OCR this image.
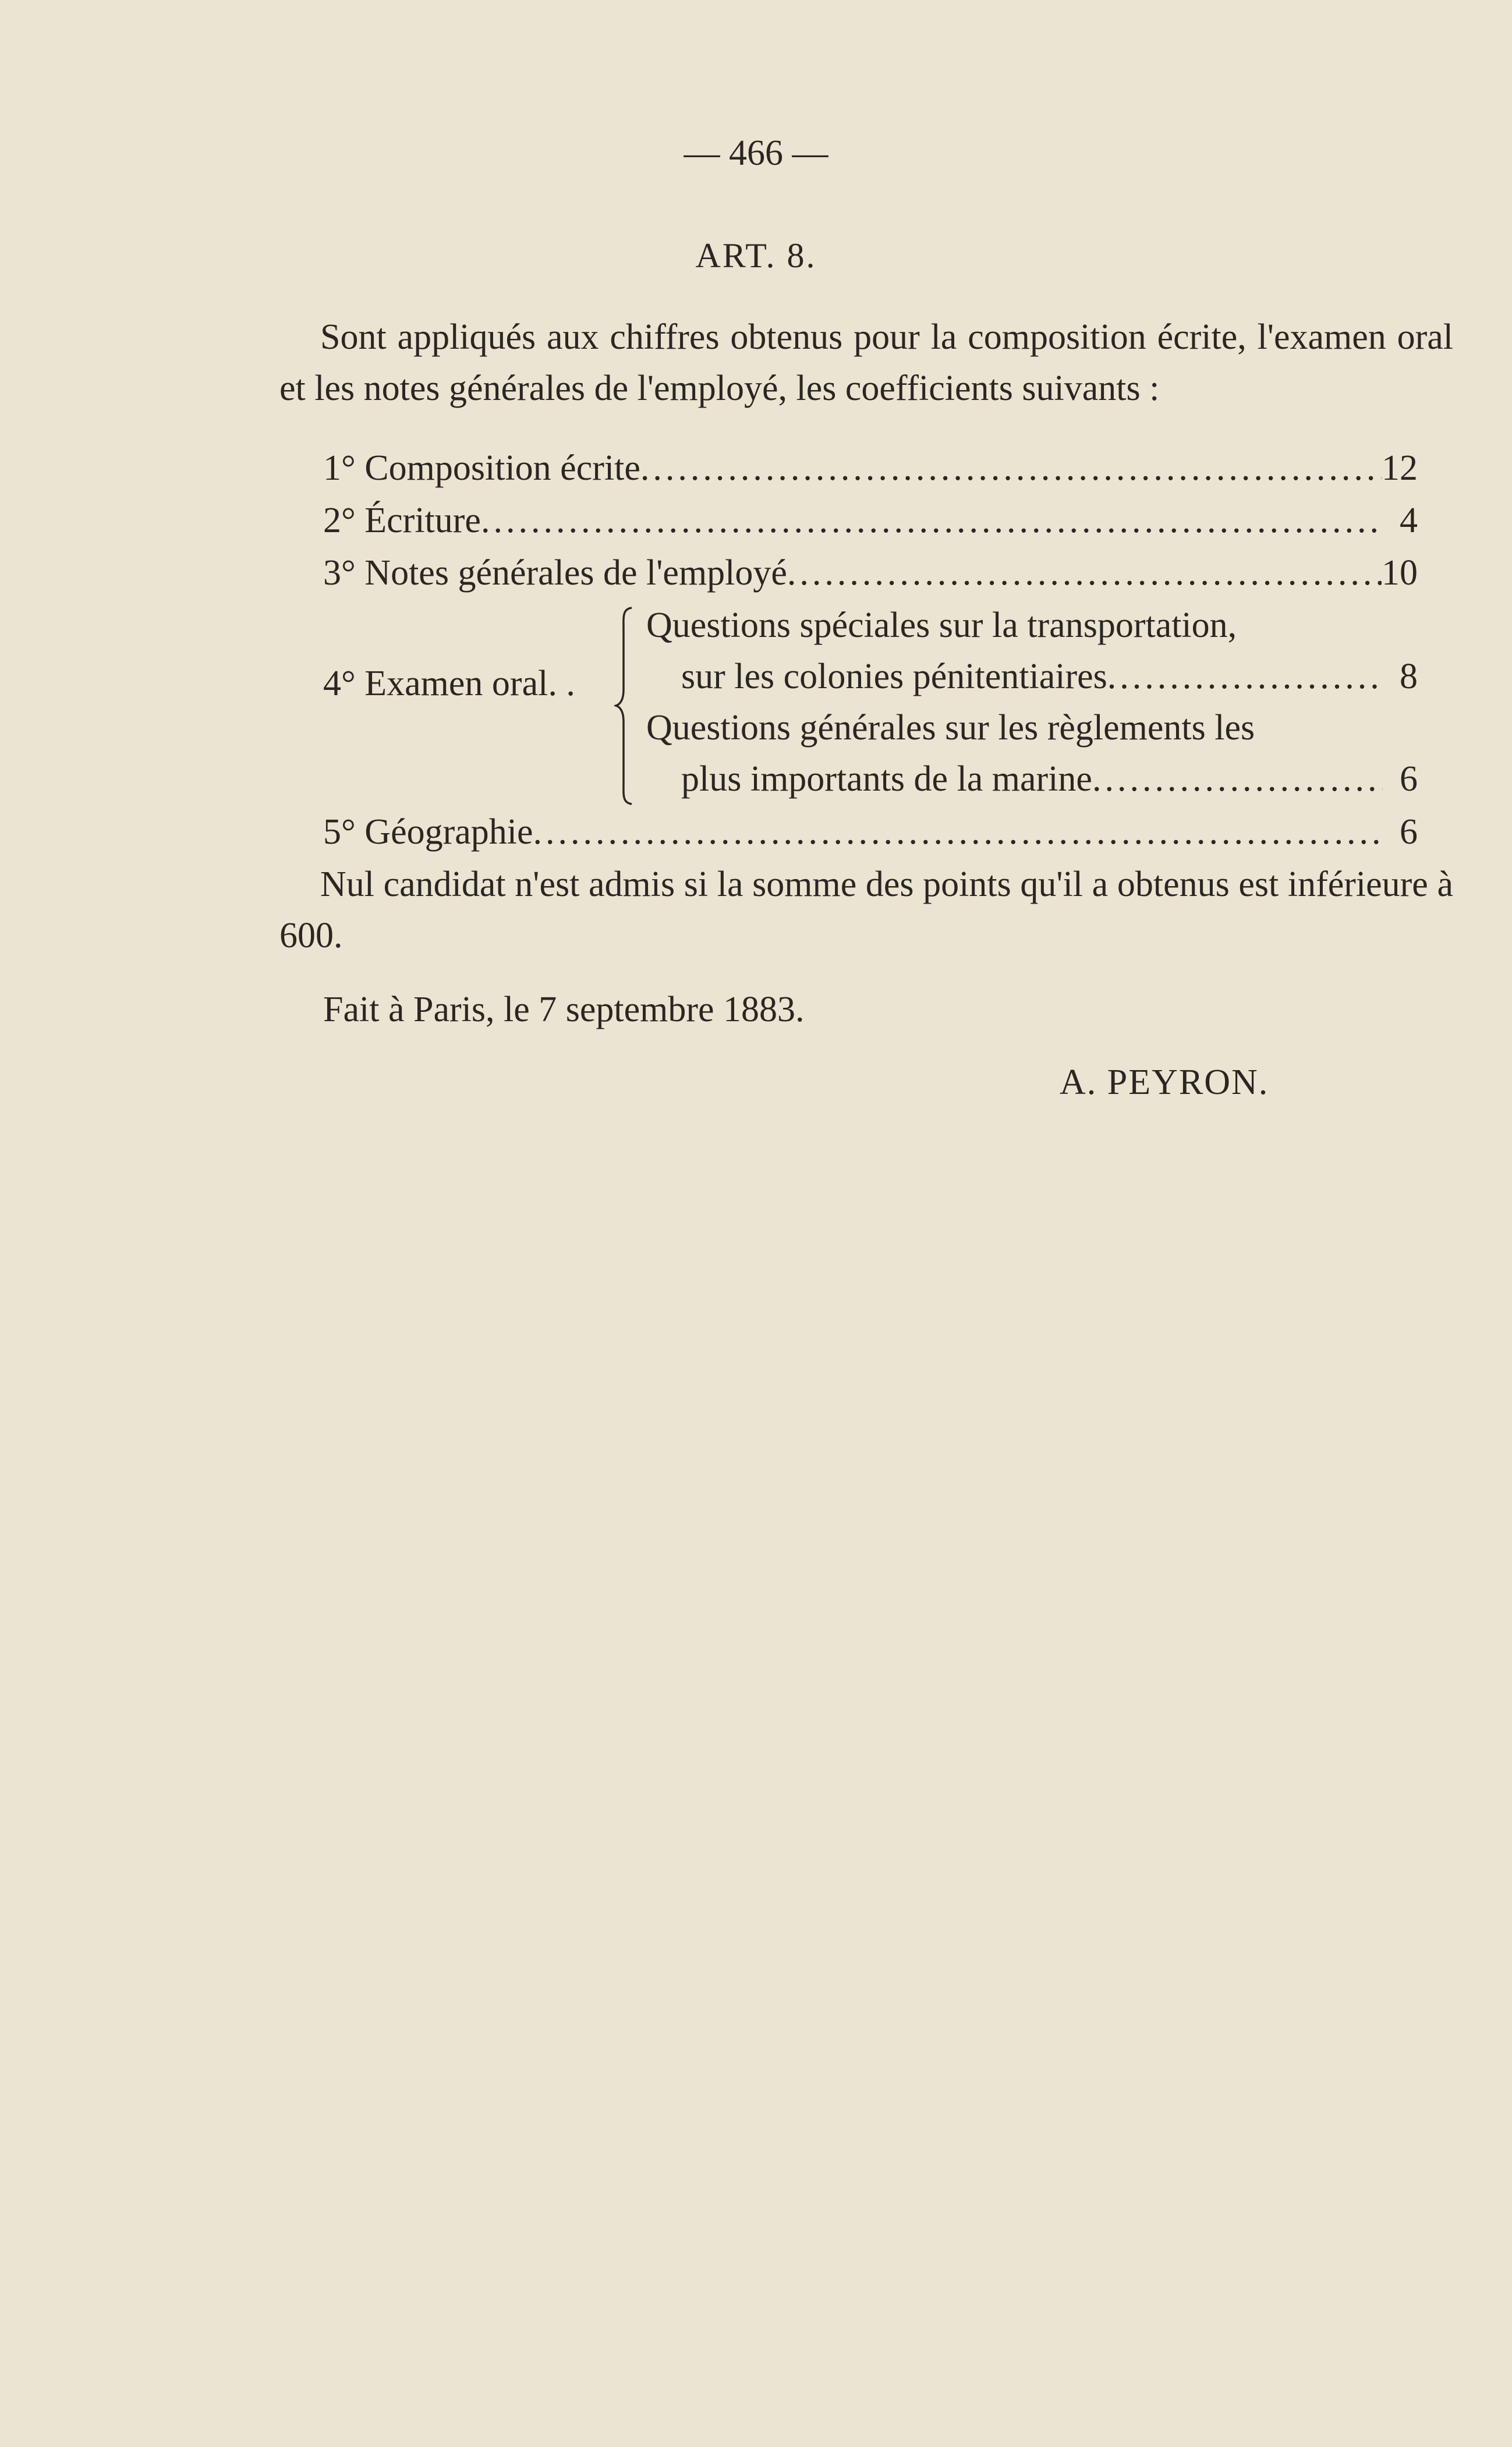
— 466 —
ART. 8.
Sont appliqués aux chiffres obtenus pour la composition écrite, l'examen oral et les notes générales de l'employé, les coefficients suivants :
1° Composition écrite .....	12
2° Écriture .....	4
3° Notes générales de l'employé .....	10
4° Examen oral. .
Questions spéciales sur la transportation,
sur les colonies pénitentiaires .....	8
Questions générales sur les règlements les
plus importants de la marine .....	6
5° Géographie .....	6
Nul candidat n'est admis si la somme des points qu'il a obtenus est inférieure à 600.
Fait à Paris, le 7 septembre 1883.
A. PEYRON.
